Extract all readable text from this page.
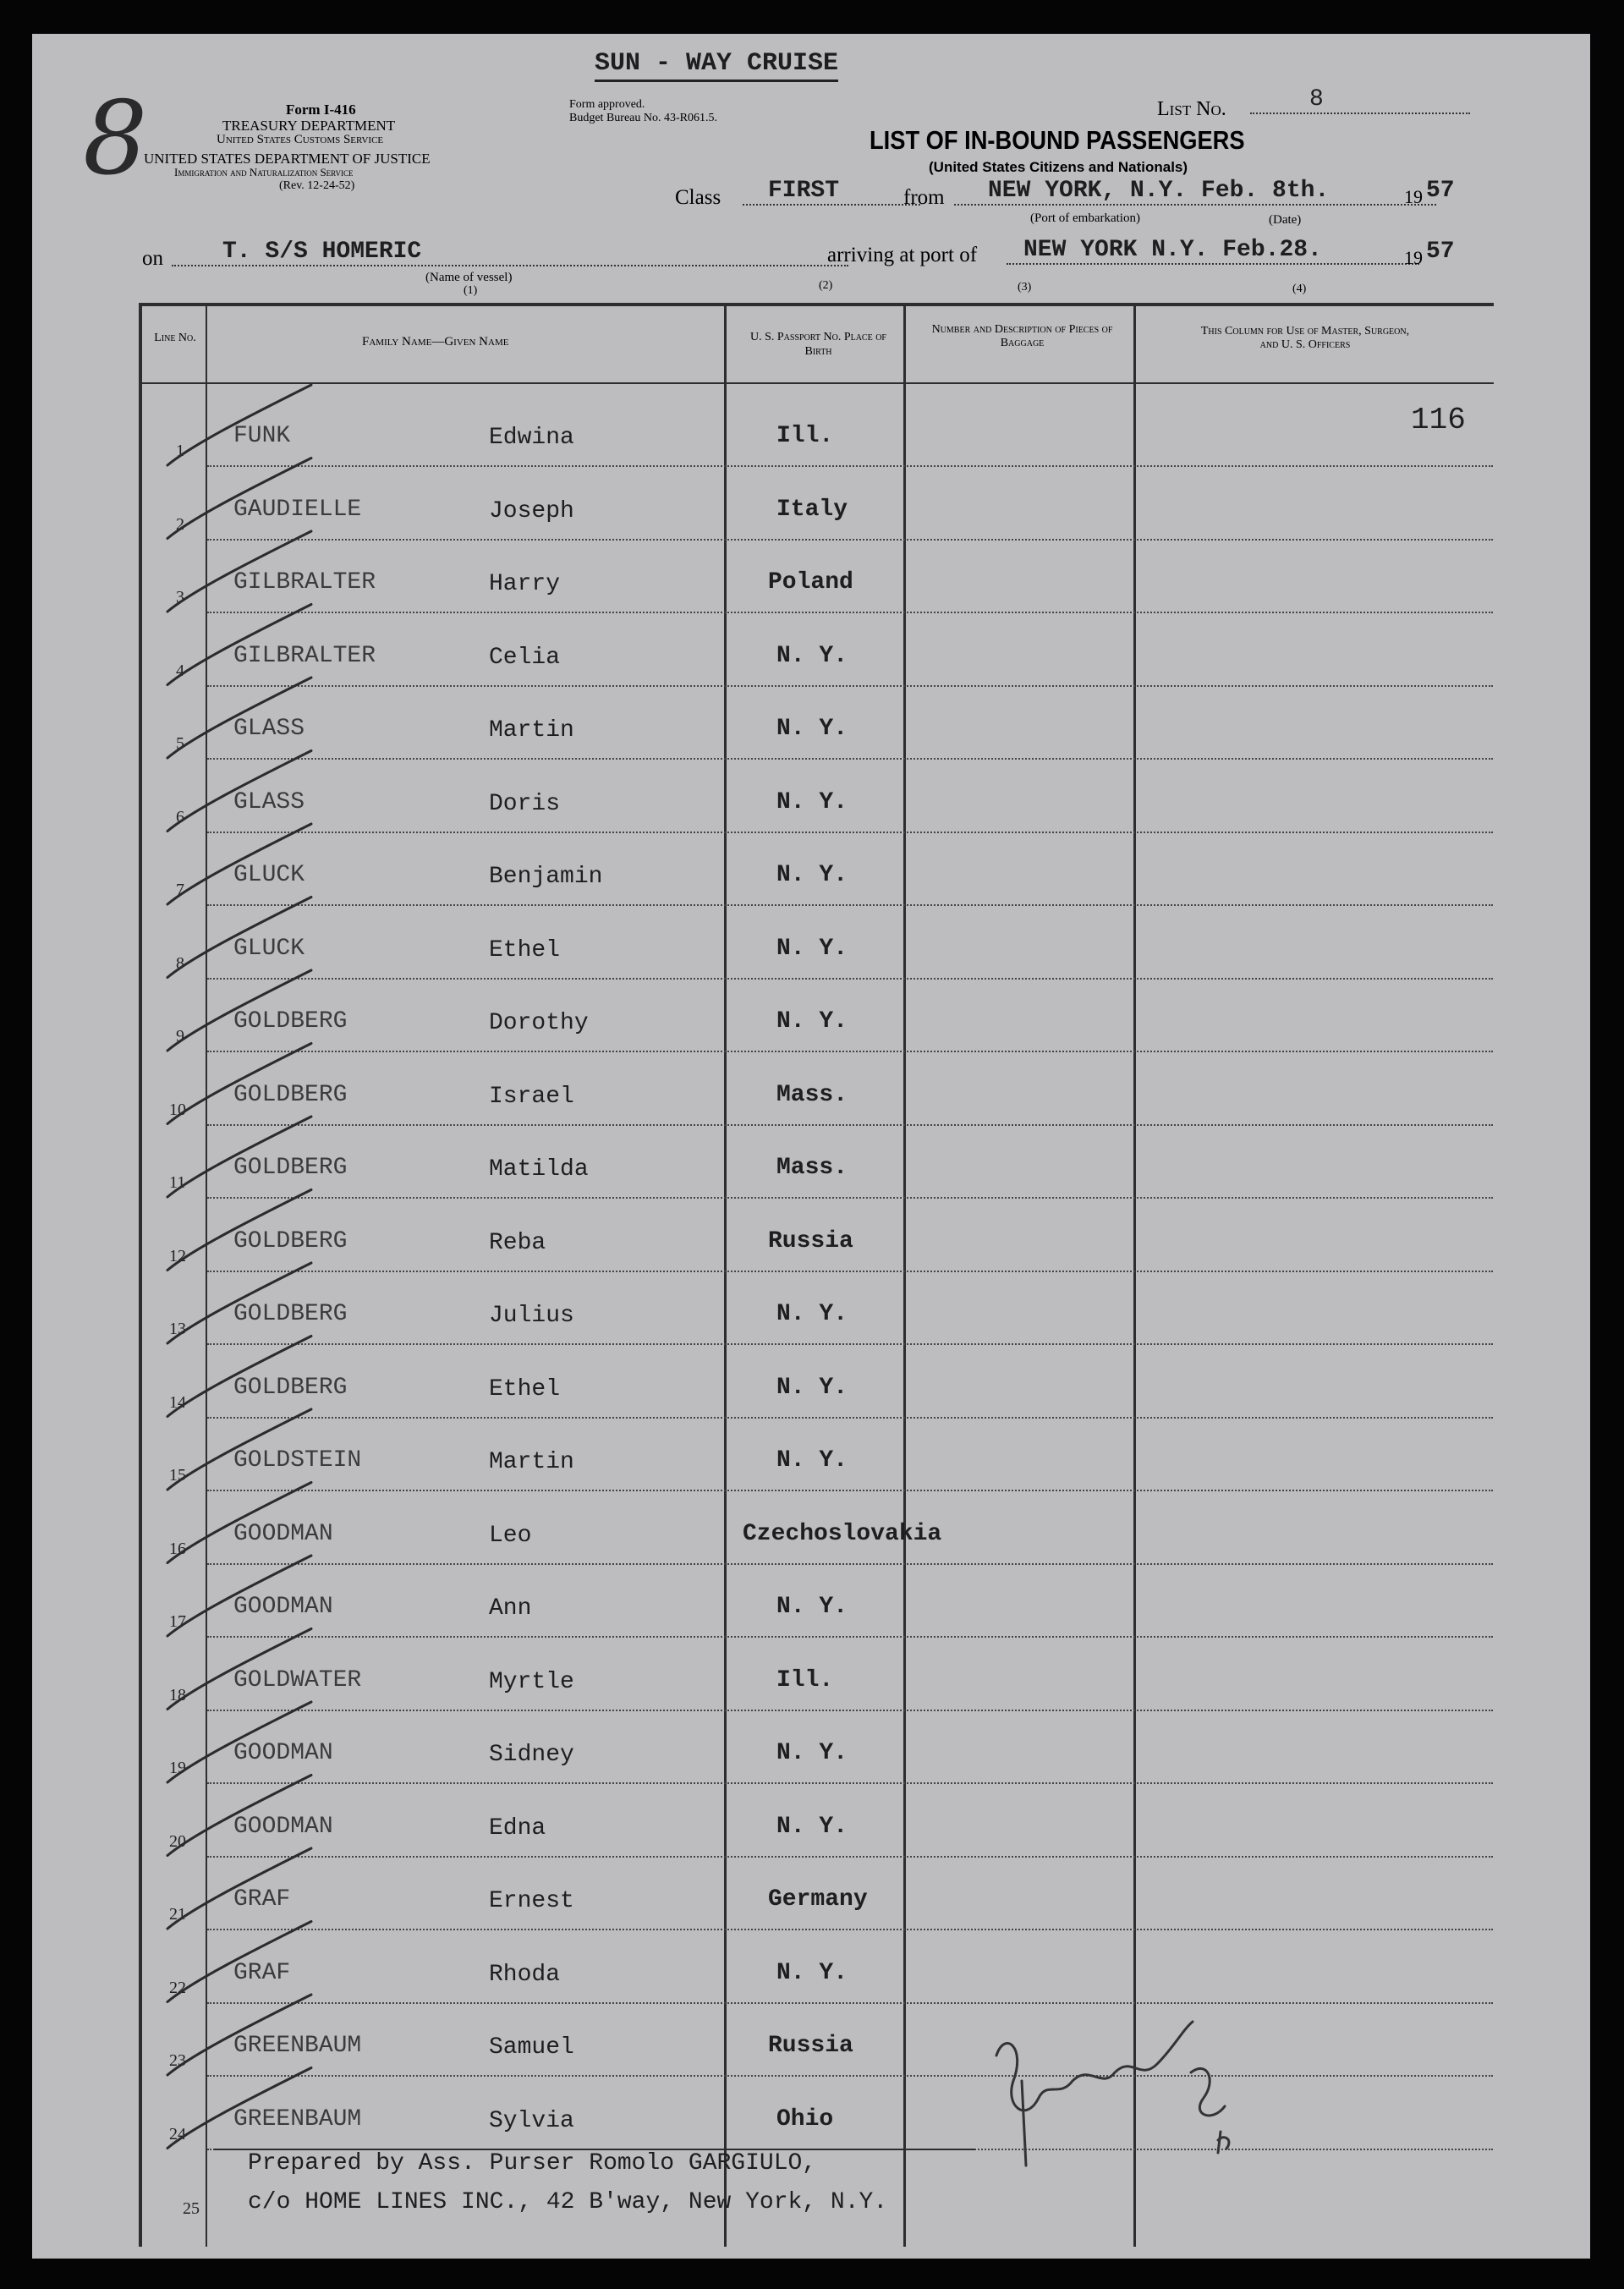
8
SUN - WAY CRUISE
Form I-416
TREASURY DEPARTMENT
United States Customs Service
UNITED STATES DEPARTMENT OF JUSTICE
Immigration and Naturalization Service
(Rev. 12-24-52)
Form approved.
Budget Bureau No. 43-R061.5.	List No.	8
LIST OF IN-BOUND PASSENGERS
(United States Citizens and Nationals)
Class	FIRST	from	NEW YORK, N.Y. Feb. 8th.	19 57
(Port of embarkation)	(Date)
on	T. S/S HOMERIC
(Name of vessel)
(1)
arriving at port of	NEW YORK N.Y. Feb.28.	19 57
(2)	(3)	(4)
Line No.	Family Name—Given Name	U. S. Passport No. Place of Birth
Number and Description of Pieces of Baggage
This Column for Use of Master, Surgeon, and U. S. Officers
116
1
FUNK	Edwina	Ill.
2
GAUDIELLE	Joseph	Italy
3
GILBRALTER	Harry	Poland
4
GILBRALTER	Celia	N. Y.
5
GLASS	Martin	N. Y.
6
GLASS	Doris	N. Y.
7
GLUCK	Benjamin	N. Y.
8
GLUCK	Ethel	N. Y.
9
GOLDBERG	Dorothy	N. Y.
10
GOLDBERG	Israel	Mass.
11
GOLDBERG	Matilda	Mass.
12
GOLDBERG	Reba	Russia
13
GOLDBERG	Julius	N. Y.
14
GOLDBERG	Ethel	N. Y.
15
GOLDSTEIN	Martin	N. Y.
16
GOODMAN	Leo	Czechoslovakia
17
GOODMAN	Ann	N. Y.
18
GOLDWATER	Myrtle	Ill.
19
GOODMAN	Sidney	N. Y.
20
GOODMAN	Edna	N. Y.
21
GRAF	Ernest	Germany
22
GRAF	Rhoda	N. Y.
23
GREENBAUM	Samuel	Russia
24
GREENBAUM	Sylvia	Ohio
25
Prepared by Ass. Purser Romolo GARGIULO,
c/o HOME LINES INC., 42 B'way, New York, N.Y.
